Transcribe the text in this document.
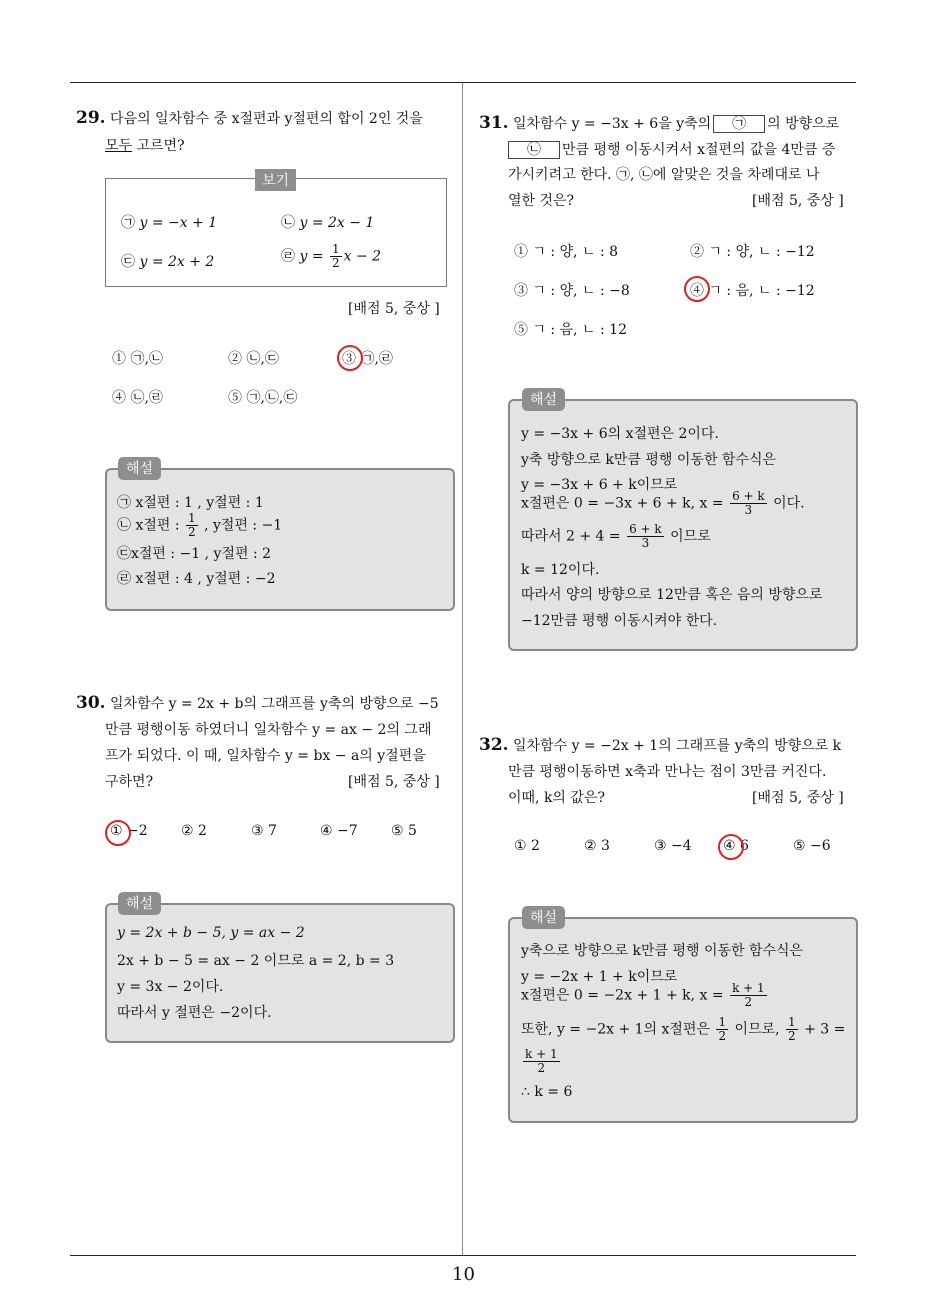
10
29. 다음의 일차함수 중 x절편과 y절편의 합이 2인 것을
모두 고르면?
보기
㉠ y = −x + 1	㉡ y = 2x − 1
㉢ y = 2x + 2	㉣ $y = \frac{1}{2}$ x − 2
[배점 5, 중상 ]
① ㉠,㉡	② ㉡,㉢	③ ㉠,㉣
④ ㉡,㉣	⑤ ㉠,㉡,㉢
해설
㉠ x절편 : 1 , y절편 : 1
㉡ x절편 : $\frac{1}{2}$ , y절편 : −1
㉢x절편 : −1 , y절편 : 2
㉣ x절편 : 4 , y절편 : −2
30. 일차함수 y = 2x + b의 그래프를 y축의 방향으로 −5
만큼 평행이동 하였더니 일차함수 y = ax − 2의 그래
프가 되었다. 이 때, 일차함수 y = bx − a의 y절편을
구하면?	[배점 5, 중상 ]
① −2 ② 2	③ 7	④ −7 ⑤ 5
해설
y = 2x + b − 5, y = ax − 2
2x + b − 5 = ax − 2 이므로 a = 2, b = 3
y = 3x − 2이다.
따라서 y 절편은 −2이다.
31. 일차함수 y = −3x + 6을 y축의 ㉠ 의 방향으로
㉡ 만큼 평행 이동시켜서 x절편의 값을 4만큼 증
가시키려고 한다. ㉠, ㉡에 알맞은 것을 차례대로 나
열한 것은?	[배점 5, 중상 ]
① ㄱ : 양, ㄴ : 8	② ㄱ : 양, ㄴ : −12
③ ㄱ : 양, ㄴ : −8	④ ㄱ : 음, ㄴ : −12
⑤ ㄱ : 음, ㄴ : 12
해설
y = −3x + 6의 x절편은 2이다.
y축 방향으로 k만큼 평행 이동한 함수식은
y = −3x + 6 + k이므로
x절편은 0 = −3x + 6 + k, $x = \frac{6 + k}{3}$ 이다.
따라서 $2 + 4 = \frac{6 + k}{3}$ 이므로
k = 12이다.
따라서 양의 방향으로 12만큼 혹은 음의 방향으로
−12만큼 평행 이동시켜야 한다.
32. 일차함수 y = −2x + 1의 그래프를 y축의 방향으로 k
만큼 평행이동하면 x축과 만나는 점이 3만큼 커진다.
이때, k의 값은?	[배점 5, 중상 ]
① 2	② 3	③ −4 ④ 6	⑤ −6
해설
y축으로 방향으로 k만큼 평행 이동한 함수식은
y = −2x + 1 + k이므로
x절편은 0 = −2x + 1 + k, $x = \frac{k + 1}{2}$
또한, y = −2x + 1의 x절편은 $\frac{1}{2}$ 이므로, $\frac{1}{2} + 3$ =
$\frac{k + 1}{2}$
∴ k = 6
